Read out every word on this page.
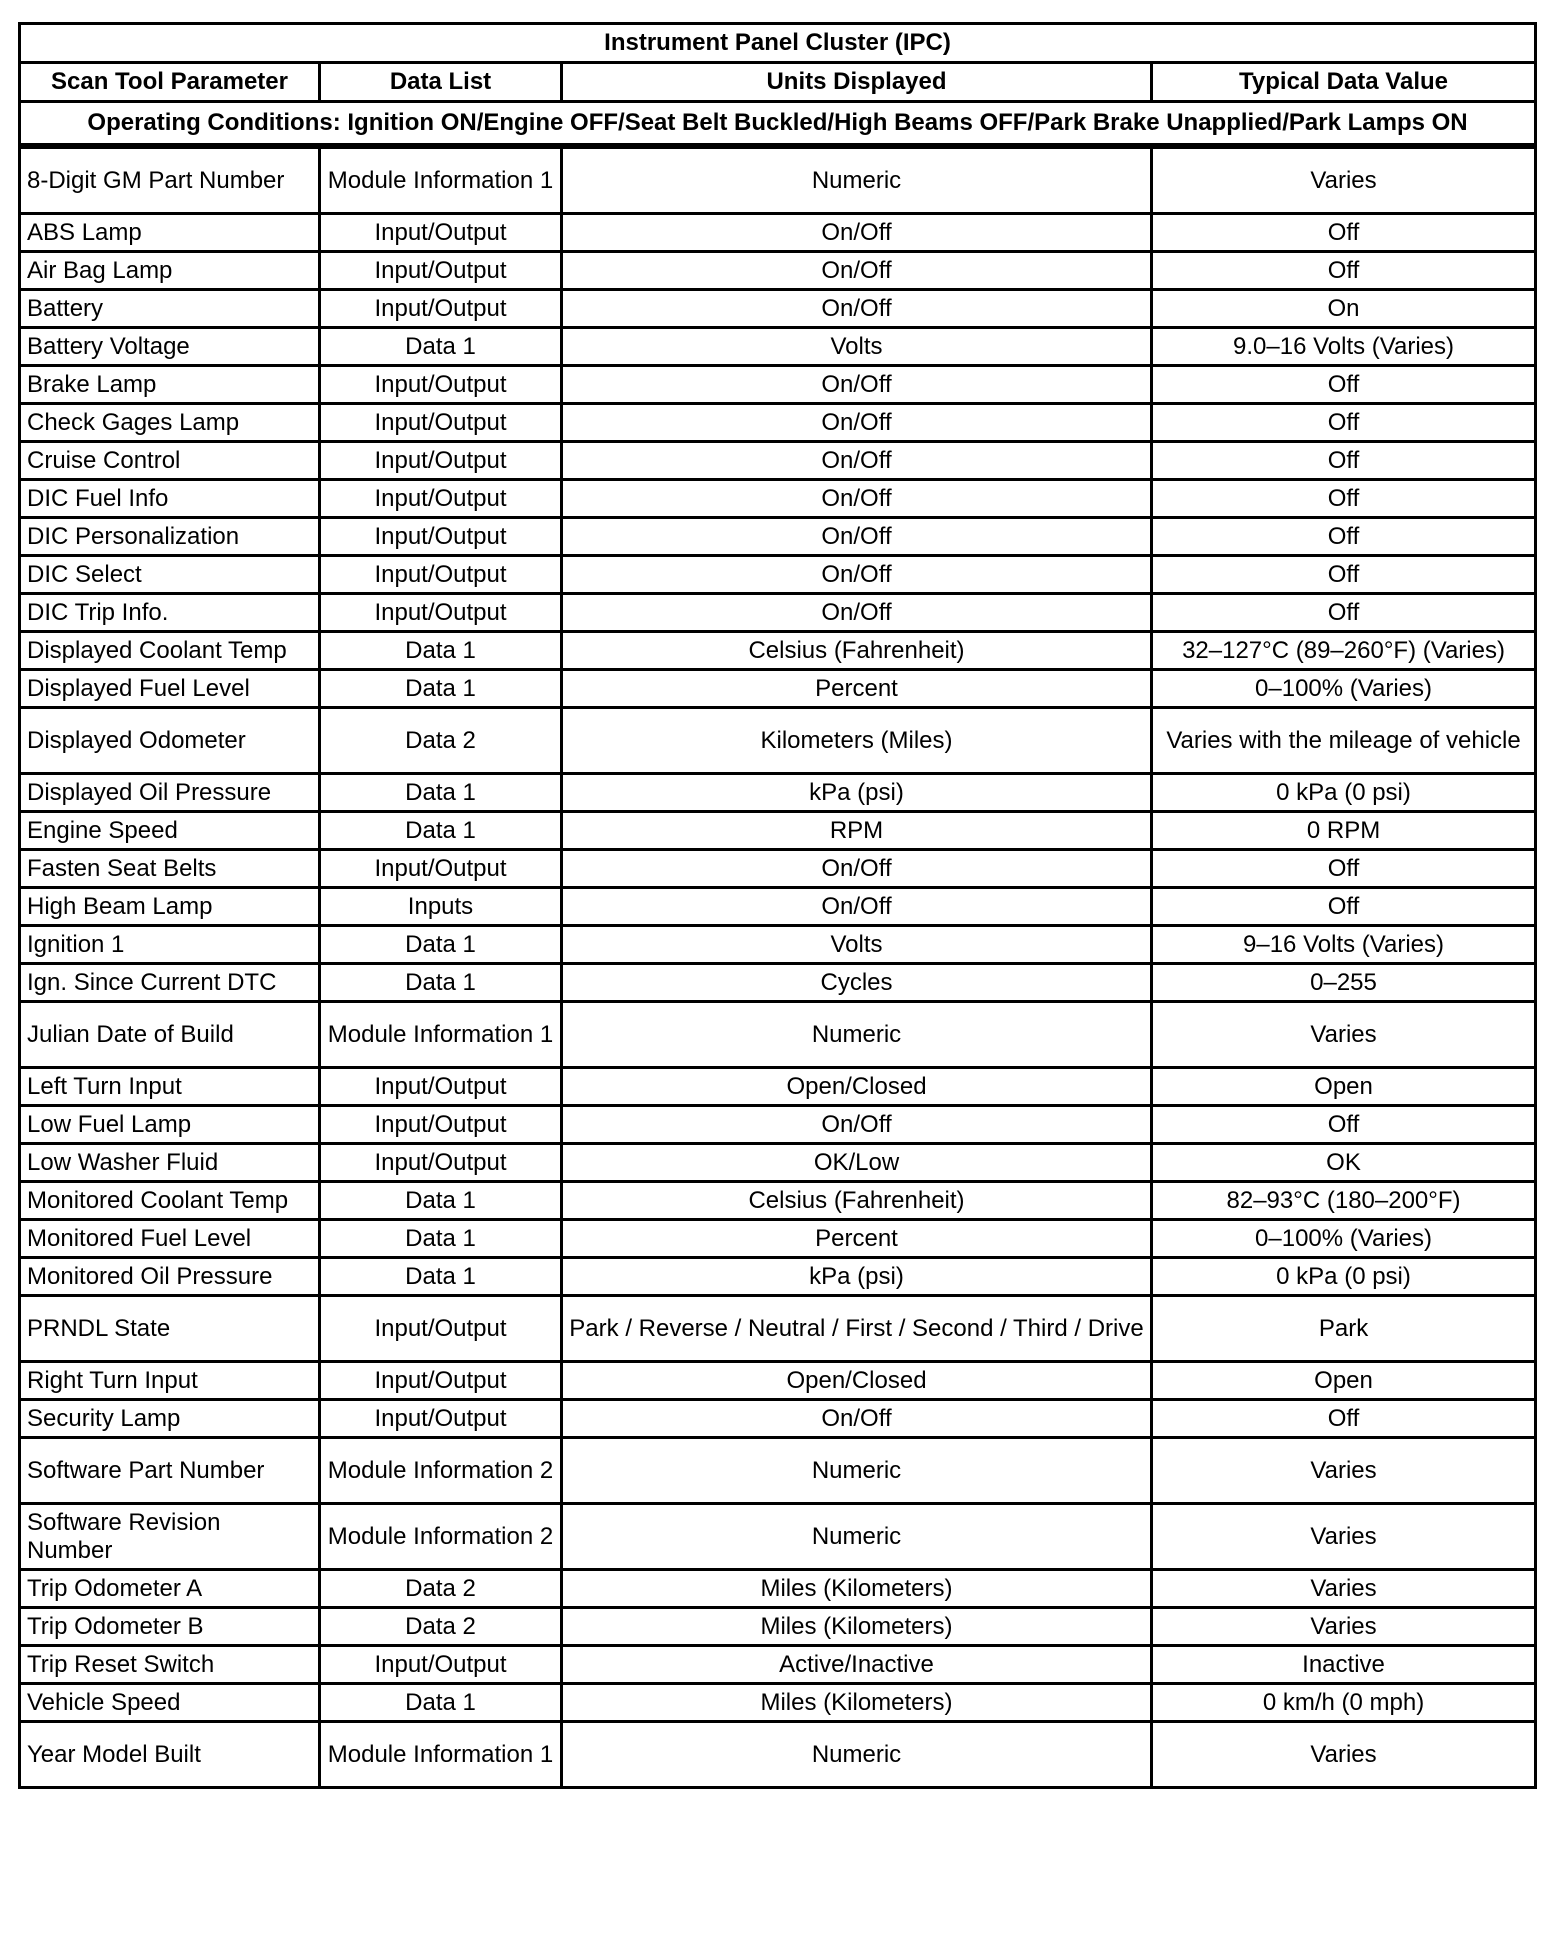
Instrument Panel Cluster (IPC)			
Scan Tool Parameter	Data List	Units Displayed	Typical Data Value
Operating Conditions: Ignition ON/Engine OFF/Seat Belt Buckled/High Beams OFF/Park Brake Unapplied/Park Lamps ON			
8-Digit GM Part Number	Module Information 1	Numeric	Varies
ABS Lamp	Input/Output	On/Off	Off
Air Bag Lamp	Input/Output	On/Off	Off
Battery	Input/Output	On/Off	On
Battery Voltage	Data 1	Volts	9.0–16 Volts (Varies)
Brake Lamp	Input/Output	On/Off	Off
Check Gages Lamp	Input/Output	On/Off	Off
Cruise Control	Input/Output	On/Off	Off
DIC Fuel Info	Input/Output	On/Off	Off
DIC Personalization	Input/Output	On/Off	Off
DIC Select	Input/Output	On/Off	Off
DIC Trip Info.	Input/Output	On/Off	Off
Displayed Coolant Temp	Data 1	Celsius (Fahrenheit)	32–127°C (89–260°F) (Varies)
Displayed Fuel Level	Data 1	Percent	0–100% (Varies)
Displayed Odometer	Data 2	Kilometers (Miles)	Varies with the mileage of vehicle
Displayed Oil Pressure	Data 1	kPa (psi)	0 kPa (0 psi)
Engine Speed	Data 1	RPM	0 RPM
Fasten Seat Belts	Input/Output	On/Off	Off
High Beam Lamp	Inputs	On/Off	Off
Ignition 1	Data 1	Volts	9–16 Volts (Varies)
Ign. Since Current DTC	Data 1	Cycles	0–255
Julian Date of Build	Module Information 1	Numeric	Varies
Left Turn Input	Input/Output	Open/Closed	Open
Low Fuel Lamp	Input/Output	On/Off	Off
Low Washer Fluid	Input/Output	OK/Low	OK
Monitored Coolant Temp	Data 1	Celsius (Fahrenheit)	82–93°C (180–200°F)
Monitored Fuel Level	Data 1	Percent	0–100% (Varies)
Monitored Oil Pressure	Data 1	kPa (psi)	0 kPa (0 psi)
PRNDL State	Input/Output	Park / Reverse / Neutral / First / Second / Third / Drive	Park
Right Turn Input	Input/Output	Open/Closed	Open
Security Lamp	Input/Output	On/Off	Off
Software Part Number	Module Information 2	Numeric	Varies
Software Revision Number	Module Information 2	Numeric	Varies
Trip Odometer A	Data 2	Miles (Kilometers)	Varies
Trip Odometer B	Data 2	Miles (Kilometers)	Varies
Trip Reset Switch	Input/Output	Active/Inactive	Inactive
Vehicle Speed	Data 1	Miles (Kilometers)	0 km/h (0 mph)
Year Model Built	Module Information 1	Numeric	Varies
